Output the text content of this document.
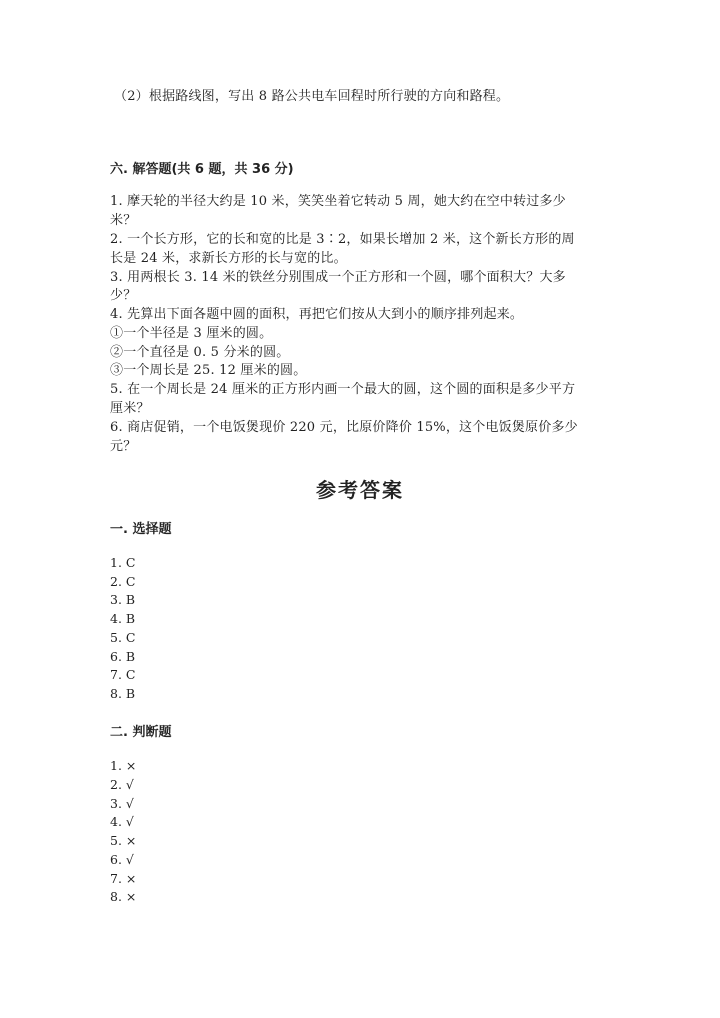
（2）根据路线图，写出 8 路公共电车回程时所行驶的方向和路程。
六. 解答题(共 6 题，共 36 分)
1. 摩天轮的半径大约是 10 米，笑笑坐着它转动 5 周，她大约在空中转过多少
米？
2. 一个长方形，它的长和宽的比是 3∶2，如果长增加 2 米，这个新长方形的周
长是 24 米，求新长方形的长与宽的比。
3. 用两根长 3. 14 米的铁丝分别围成一个正方形和一个圆，哪个面积大？大多
少？
4. 先算出下面各题中圆的面积，再把它们按从大到小的顺序排列起来。
①一个半径是 3 厘米的圆。
②一个直径是 0. 5 分米的圆。
③一个周长是 25. 12 厘米的圆。
5. 在一个周长是 24 厘米的正方形内画一个最大的圆，这个圆的面积是多少平方
厘米？
6. 商店促销，一个电饭煲现价 220 元，比原价降价 15%，这个电饭煲原价多少
元？
参考答案
一. 选择题
1. C
2. C
3. B
4. B
5. C
6. B
7. C
8. B
二. 判断题
1. ×
2. √
3. √
4. √
5. ×
6. √
7. ×
8. ×
